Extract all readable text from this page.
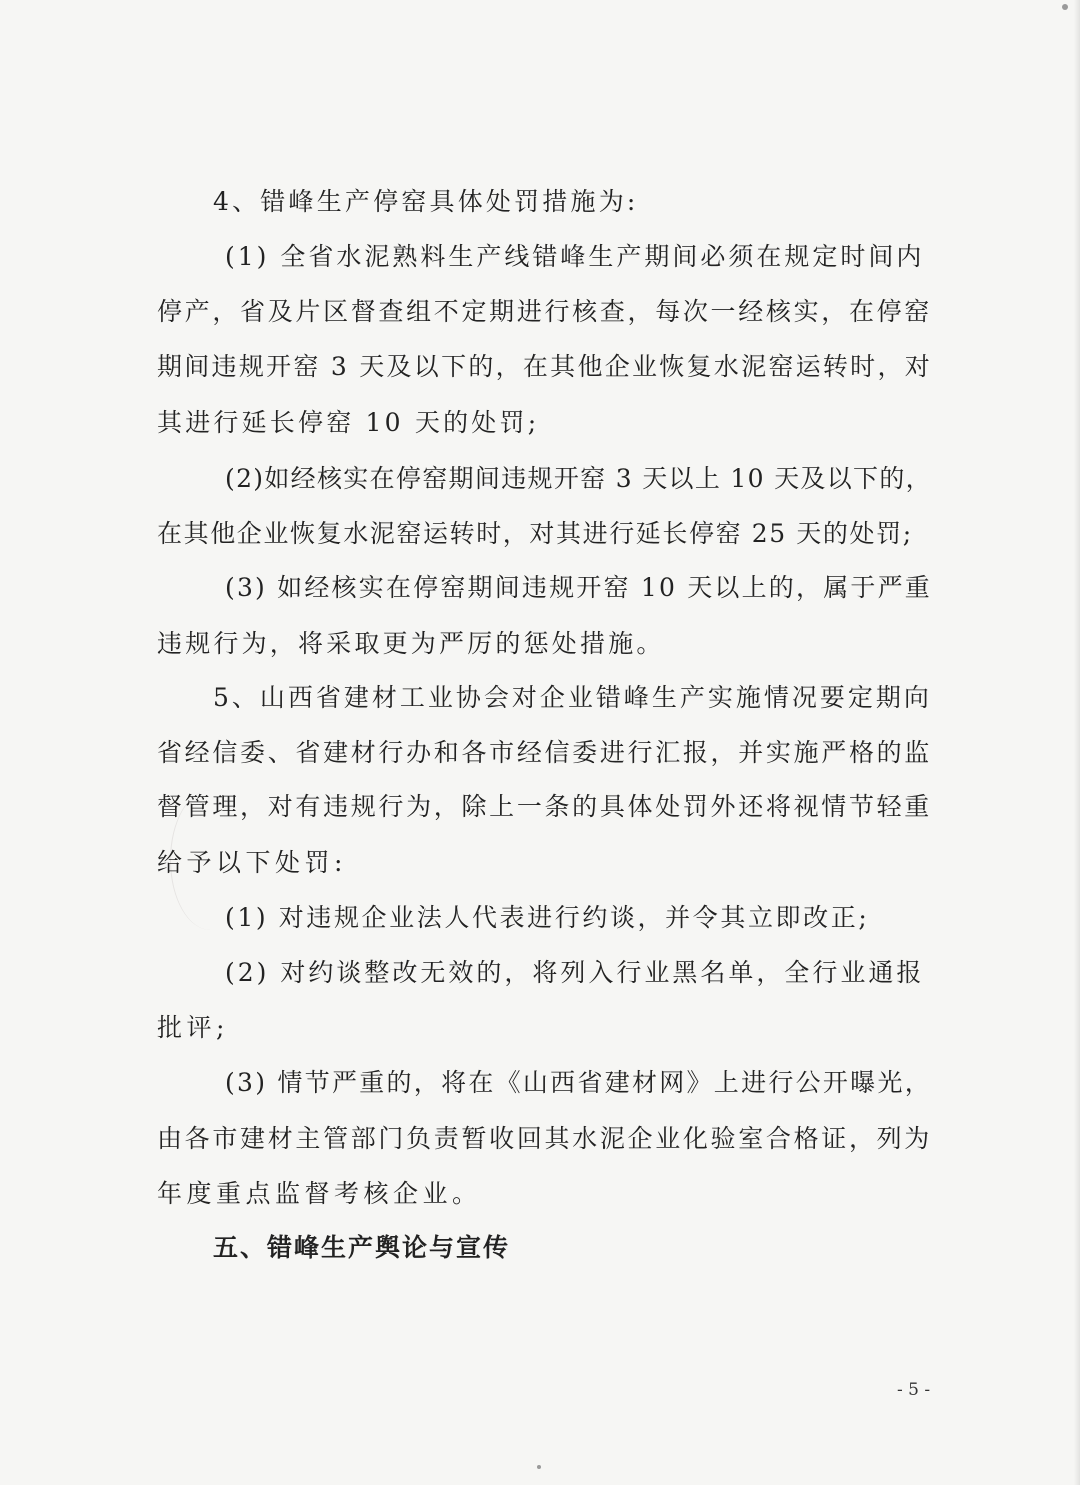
4、错峰生产停窑具体处罚措施为:
(1) 全省水泥熟料生产线错峰生产期间必须在规定时间内
停产，省及片区督查组不定期进行核查，每次一经核实，在停窑
期间违规开窑 3 天及以下的，在其他企业恢复水泥窑运转时，对
其进行延长停窑 10 天的处罚;
(2)如经核实在停窑期间违规开窑 3 天以上 10 天及以下的，
在其他企业恢复水泥窑运转时，对其进行延长停窑 25 天的处罚;
(3) 如经核实在停窑期间违规开窑 10 天以上的，属于严重
违规行为，将采取更为严厉的惩处措施。
5、山西省建材工业协会对企业错峰生产实施情况要定期向
省经信委、省建材行办和各市经信委进行汇报，并实施严格的监
督管理，对有违规行为，除上一条的具体处罚外还将视情节轻重
给予以下处罚:
(1) 对违规企业法人代表进行约谈，并令其立即改正;
(2) 对约谈整改无效的，将列入行业黑名单，全行业通报
批评;
(3) 情节严重的，将在《山西省建材网》上进行公开曝光，
由各市建材主管部门负责暂收回其水泥企业化验室合格证，列为
年度重点监督考核企业。
五、错峰生产舆论与宣传
- 5 -
